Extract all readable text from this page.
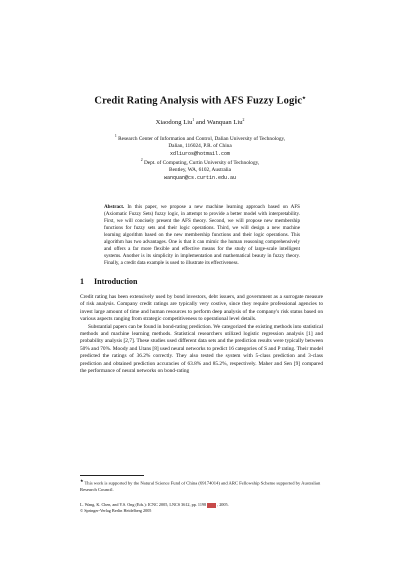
Credit Rating Analysis with AFS Fuzzy Logic★
Xiaodong Liu$^1$ and Wanquan Liu$^2$
$^1$ Research Center of Information and Control, Dalian University of Technology,
Dalian, 116024, P.R. of China
xdliuros@hotmail.com
$^2$ Dept. of Computing, Curtin University of Technology,
Bentley, WA, 6102, Australia
wanquan@cs.curtin.edu.au
Abstract. In this paper, we propose a new machine learning approach based on AFS (Axiomatic Fuzzy Sets) fuzzy logic, in attempt to provide a better model with interpretability. First, we will concisely present the AFS theory. Second, we will propose new membership functions for fuzzy sets and their logic operations. Third, we will design a new machine learning algorithm based on the new membership functions and their logic operations. This algorithm has two advantages. One is that it can mimic the human reasoning comprehensively and offers a far more flexible and effective means for the study of large-scale intelligent systems. Another is its simplicity in implementation and mathematical beauty in fuzzy theory. Finally, a credit data example is used to illustrate its effectiveness.
1 Introduction

Credit rating has been extensively used by bond investors, debt issuers, and government as a surrogate measure of risk analysis. Company credit ratings are typically very costive, since they require professional agencies to invest large amount of time and human resources to perform deep analysis of the company's risk status based on various aspects ranging from strategic competitiveness to operational level details.

Substantial papers can be found in bond-rating prediction. We categorized the existing methods into statistical methods and machine learning methods. Statistical researchers utilized logistic regression analysis [1] and probability analysis [2,7]. These studies used different data sets and the prediction results were typically between 50% and 70%. Moody and Utans [8] used neural networks to predict 16 categories of S and P rating. Their model predicted the ratings of 36.2% correctly. They also tested the system with 5-class prediction and 3-class prediction and obtained prediction accuracies of 63.8% and 85.2%, respectively. Maher and Sen [9] compared the performance of neural networks on bond-rating

★ This work is supported by the Natural Science Fund of China (69174014) and ARC Fellowship Scheme supported by Australian Research Council.
L. Wang, K. Chen, and Y.S. Ong (Eds.): ICNC 2005, LNCS 3612, pp. 1198	, 2005.
© Springer-Verlag Berlin Heidelberg 2005
